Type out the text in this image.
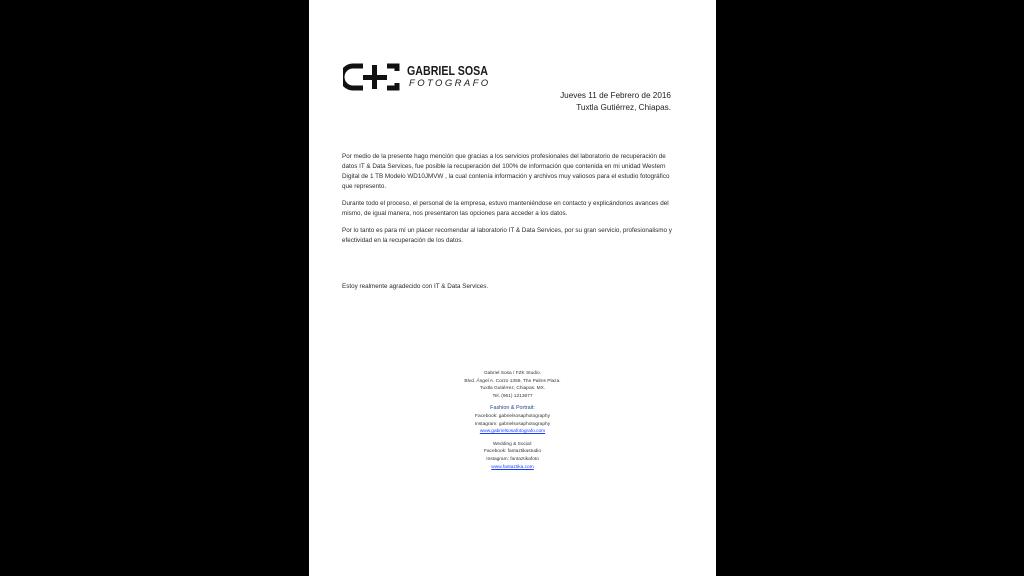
GABRIEL SOSA
FOTOGRAFO
Jueves 11 de Febrero de 2016
Tuxtla Gutiérrez, Chiapas.

Por medio de la presente hago mención que gracias a los servicios profesionales del laboratorio de recuperación de datos IT & Data Services, fue posible la recuperación del 100% de información que contenida en mi unidad Western Digital de 1 TB Modelo WD10JMVW , la cual contenía información y archivos muy valiosos para el estudio fotográfico que represento.

Durante todo el proceso, el personal de la empresa, estuvo manteniéndose en contacto y explicándonos avances del mismo, de igual manera, nos presentaron las opciones para acceder a los datos.

Por lo tanto es para mí un placer recomendar al laboratorio IT & Data Services, por su gran servicio, profesionalismo y efectividad en la recuperación de los datos.

Estoy realmente agradecido con IT & Data Services.
Gabriel Sosa / FZK Studio.
Blvd. Ángel A. Corzo 1359, The Palms Plaza.
Tuxtla Gutiérrez, Chiapas. MX.
Tel. (961) 1213677
Fashion & Portrait:
Facebook: gabrielsosaphotography
Instagram: gabrielsosaphotography
www.gabrielsosafotografo.com
Wedding & Social:
Facebook: fantaztikastudio
Instagram: fantaztikafoto
www.fantaztika.com
